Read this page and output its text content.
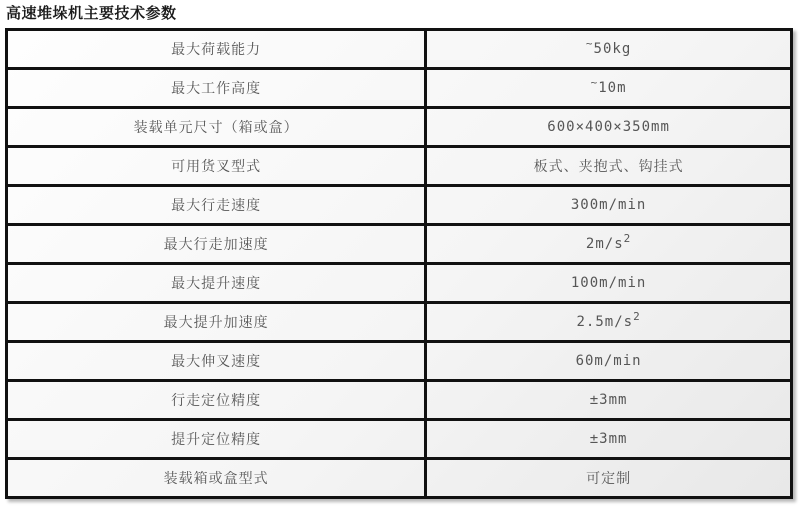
高速堆垛机主要技术参数
最大荷载能力	~50kg
最大工作高度	~10m
装载单元尺寸（箱或盒）	600×400×350mm
可用货叉型式	板式、夹抱式、钩挂式
最大行走速度	300m/min
最大行走加速度	$2m/s^2$
最大提升速度	100m/min
最大提升加速度	$2.5m/s^2$
最大伸叉速度	60m/min
行走定位精度	±3mm
提升定位精度	±3mm
装载箱或盒型式	可定制
